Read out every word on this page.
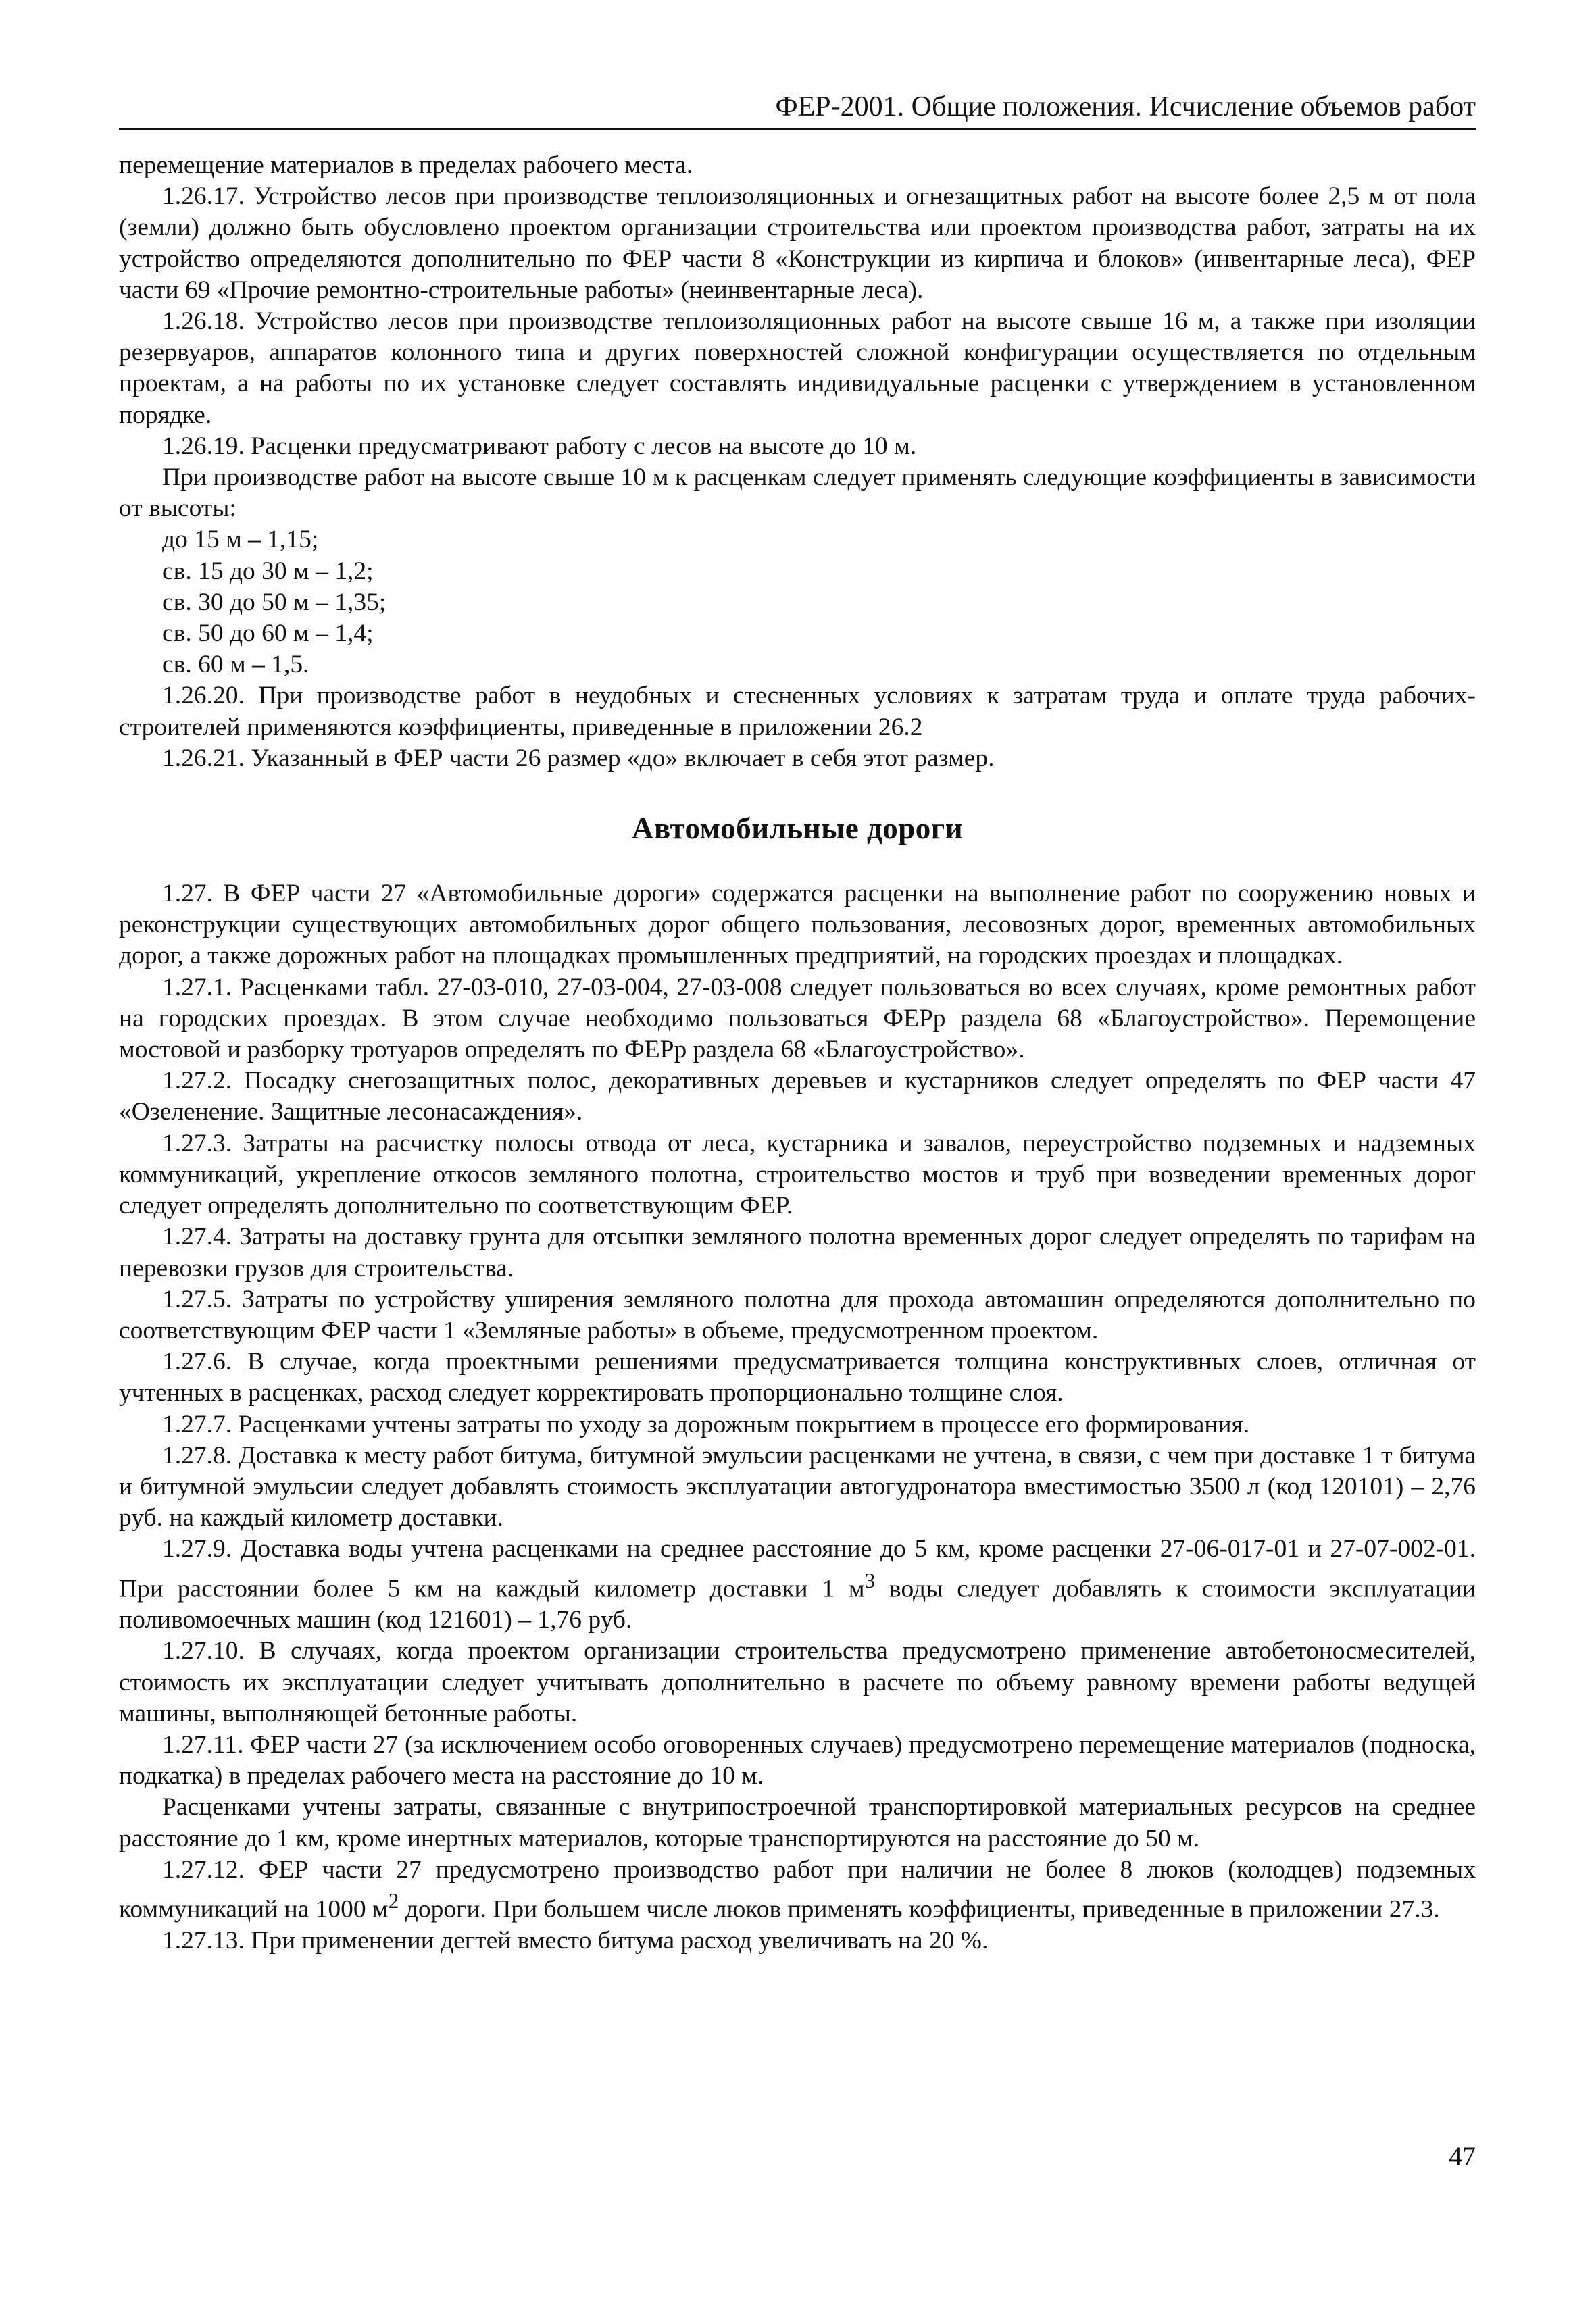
ФЕР-2001. Общие положения. Исчисление объемов работ

перемещение материалов в пределах рабочего места.

1.26.17. Устройство лесов при производстве теплоизоляционных и огнезащитных работ на высоте более 2,5 м от пола (земли) должно быть обусловлено проектом организации строительства или проектом производства работ, затраты на их устройство определяются дополнительно по ФЕР части 8 «Конструкции из кирпича и блоков» (инвентарные леса), ФЕР части 69 «Прочие ремонтно-строительные работы» (неинвентарные леса).

1.26.18. Устройство лесов при производстве теплоизоляционных работ на высоте свыше 16 м, а также при изоляции резервуаров, аппаратов колонного типа и других поверхностей сложной конфигурации осуществляется по отдельным проектам, а на работы по их установке следует составлять индивидуальные расценки с утверждением в установленном порядке.

1.26.19. Расценки предусматривают работу с лесов на высоте до 10 м.

При производстве работ на высоте свыше 10 м к расценкам следует применять следующие коэффициенты в зависимости от высоты:

до 15 м – 1,15;

св. 15 до 30 м – 1,2;

св. 30 до 50 м – 1,35;

св. 50 до 60 м – 1,4;

св. 60 м – 1,5.

1.26.20. При производстве работ в неудобных и стесненных условиях к затратам труда и оплате труда рабочих-строителей применяются коэффициенты, приведенные в приложении 26.2

1.26.21. Указанный в ФЕР части 26 размер «до» включает в себя этот размер.

Автомобильные дороги

1.27. В ФЕР части 27 «Автомобильные дороги» содержатся расценки на выполнение работ по сооружению новых и реконструкции существующих автомобильных дорог общего пользования, лесовозных дорог, временных автомобильных дорог, а также дорожных работ на площадках промышленных предприятий, на городских проездах и площадках.

1.27.1. Расценками табл. 27-03-010, 27-03-004, 27-03-008 следует пользоваться во всех случаях, кроме ремонтных работ на городских проездах. В этом случае необходимо пользоваться ФЕРр раздела 68 «Благоустройство». Перемощение мостовой и разборку тротуаров определять по ФЕРр раздела 68 «Благоустройство».

1.27.2. Посадку снегозащитных полос, декоративных деревьев и кустарников следует определять по ФЕР части 47 «Озеленение. Защитные лесонасаждения».

1.27.3. Затраты на расчистку полосы отвода от леса, кустарника и завалов, переустройство подземных и надземных коммуникаций, укрепление откосов земляного полотна, строительство мостов и труб при возведении временных дорог следует определять дополнительно по соответствующим ФЕР.

1.27.4. Затраты на доставку грунта для отсыпки земляного полотна временных дорог следует определять по тарифам на перевозки грузов для строительства.

1.27.5. Затраты по устройству уширения земляного полотна для прохода автомашин определяются дополнительно по соответствующим ФЕР части 1 «Земляные работы» в объеме, предусмотренном проектом.

1.27.6. В случае, когда проектными решениями предусматривается толщина конструктивных слоев, отличная от учтенных в расценках, расход следует корректировать пропорционально толщине слоя.

1.27.7. Расценками учтены затраты по уходу за дорожным покрытием в процессе его формирования.

1.27.8. Доставка к месту работ битума, битумной эмульсии расценками не учтена, в связи, с чем при доставке 1 т битума и битумной эмульсии следует добавлять стоимость эксплуатации автогудронатора вместимостью 3500 л (код 120101) – 2,76 руб. на каждый километр доставки.

1.27.9. Доставка воды учтена расценками на среднее расстояние до 5 км, кроме расценки 27-06-017-01 и 27-07-002-01. При расстоянии более 5 км на каждый километр доставки 1 $м^3$ воды следует добавлять к стоимости эксплуатации поливомоечных машин (код 121601) – 1,76 руб.

1.27.10. В случаях, когда проектом организации строительства предусмотрено применение автобетоносмесителей, стоимость их эксплуатации следует учитывать дополнительно в расчете по объему равному времени работы ведущей машины, выполняющей бетонные работы.

1.27.11. ФЕР части 27 (за исключением особо оговоренных случаев) предусмотрено перемещение материалов (подноска, подкатка) в пределах рабочего места на расстояние до 10 м.

Расценками учтены затраты, связанные с внутрипостроечной транспортировкой материальных ресурсов на среднее расстояние до 1 км, кроме инертных материалов, которые транспортируются на расстояние до 50 м.

1.27.12. ФЕР части 27 предусмотрено производство работ при наличии не более 8 люков (колодцев) подземных коммуникаций на 1000 $м^2$ дороги. При большем числе люков применять коэффициенты, приведенные в приложении 27.3.

1.27.13. При применении дегтей вместо битума расход увеличивать на 20 %.

47
